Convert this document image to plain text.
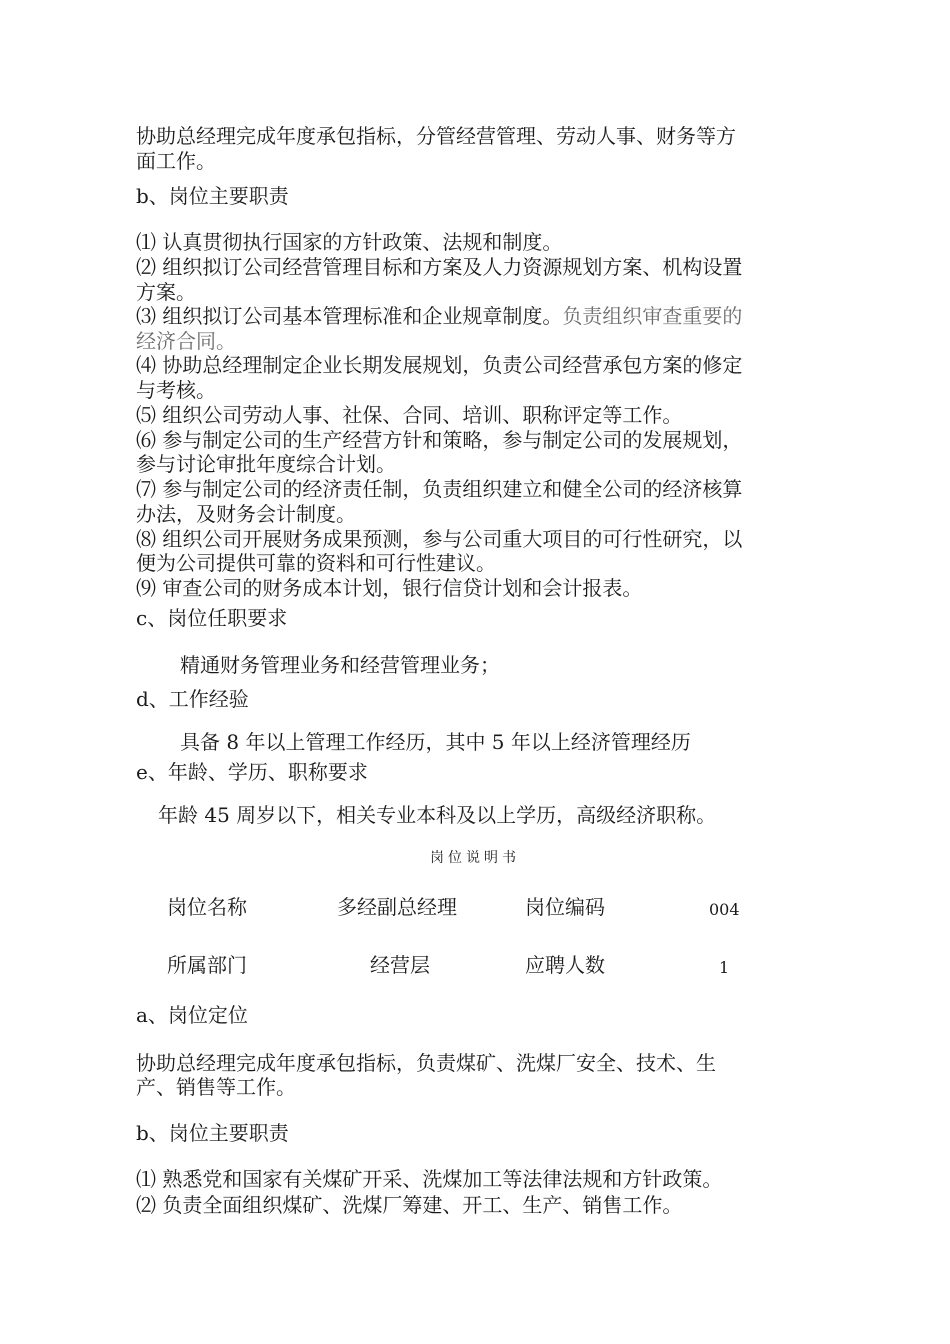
协助总经理完成年度承包指标，分管经营管理、劳动人事、财务等方
面工作。
b、岗位主要职责
⑴ 认真贯彻执行国家的方针政策、法规和制度。
⑵ 组织拟订公司经营管理目标和方案及人力资源规划方案、机构设置
方案。
⑶ 组织拟订公司基本管理标准和企业规章制度。负责组织审查重要的
经济合同。
⑷ 协助总经理制定企业长期发展规划，负责公司经营承包方案的修定
与考核。
⑸ 组织公司劳动人事、社保、合同、培训、职称评定等工作。
⑹ 参与制定公司的生产经营方针和策略，参与制定公司的发展规划，
参与讨论审批年度综合计划。
⑺ 参与制定公司的经济责任制，负责组织建立和健全公司的经济核算
办法，及财务会计制度。
⑻ 组织公司开展财务成果预测，参与公司重大项目的可行性研究，以
便为公司提供可靠的资料和可行性建议。
⑼ 审查公司的财务成本计划，银行信贷计划和会计报表。
c、岗位任职要求
精通财务管理业务和经营管理业务；
d、工作经验
具备 8 年以上管理工作经历，其中 5 年以上经济管理经历
e、年龄、学历、职称要求
年龄 45 周岁以下，相关专业本科及以上学历，高级经济职称。
岗位说明书
岗位名称	多经副总经理	岗位编码	004
所属部门	经营层	应聘人数	1
a、岗位定位
协助总经理完成年度承包指标，负责煤矿、洗煤厂安全、技术、生
产、销售等工作。
b、岗位主要职责
⑴ 熟悉党和国家有关煤矿开采、洗煤加工等法律法规和方针政策。
⑵ 负责全面组织煤矿、洗煤厂筹建、开工、生产、销售工作。
